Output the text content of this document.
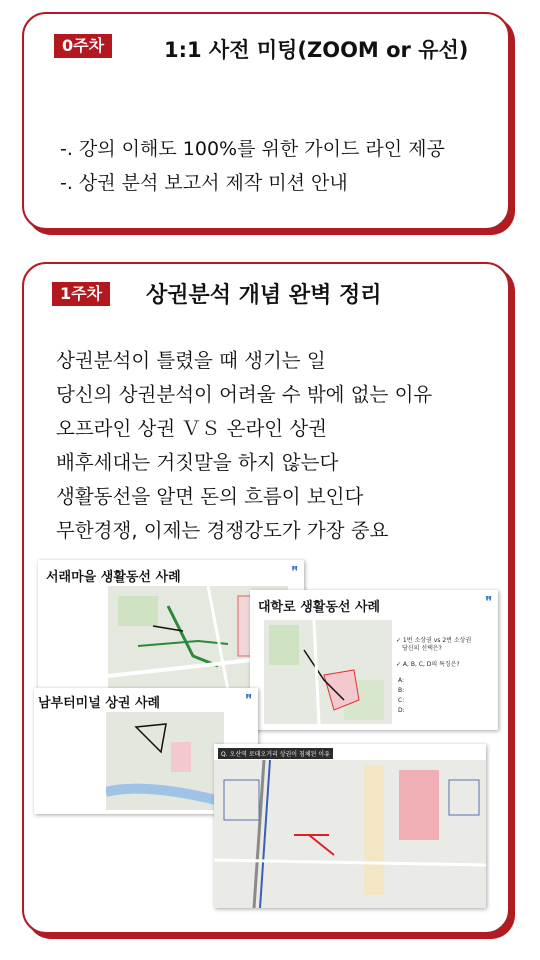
0주차	1:1 사전 미팅(ZOOM or 유선)
-. 강의 이해도 100%를 위한 가이드 라인 제공
-. 상권 분석 보고서 제작 미션 안내
1주차	상권분석 개념 완벽 정리
상권분석이 틀렸을 때 생기는 일
당신의 상권분석이 어려울 수 밖에 없는 이유
오프라인 상권 ＶＳ 온라인 상권
배후세대는 거짓말을 하지 않는다
생활동선을 알면 돈의 흐름이 보인다
무한경쟁, 이제는 경쟁강도가 가장 중요
서래마을 생활동선 사례	ꟸ
대학로 생활동선 사례	ꟸ
✓ 1번 소상권 vs 2번 소상권
당신의 선택은?
✓ A, B, C, D의 특징은?
A:
B:
C:
D:
남부터미널 상권 사례	ꟸ
Q. 오산역 로데오거리 상권이 침체된 이유
